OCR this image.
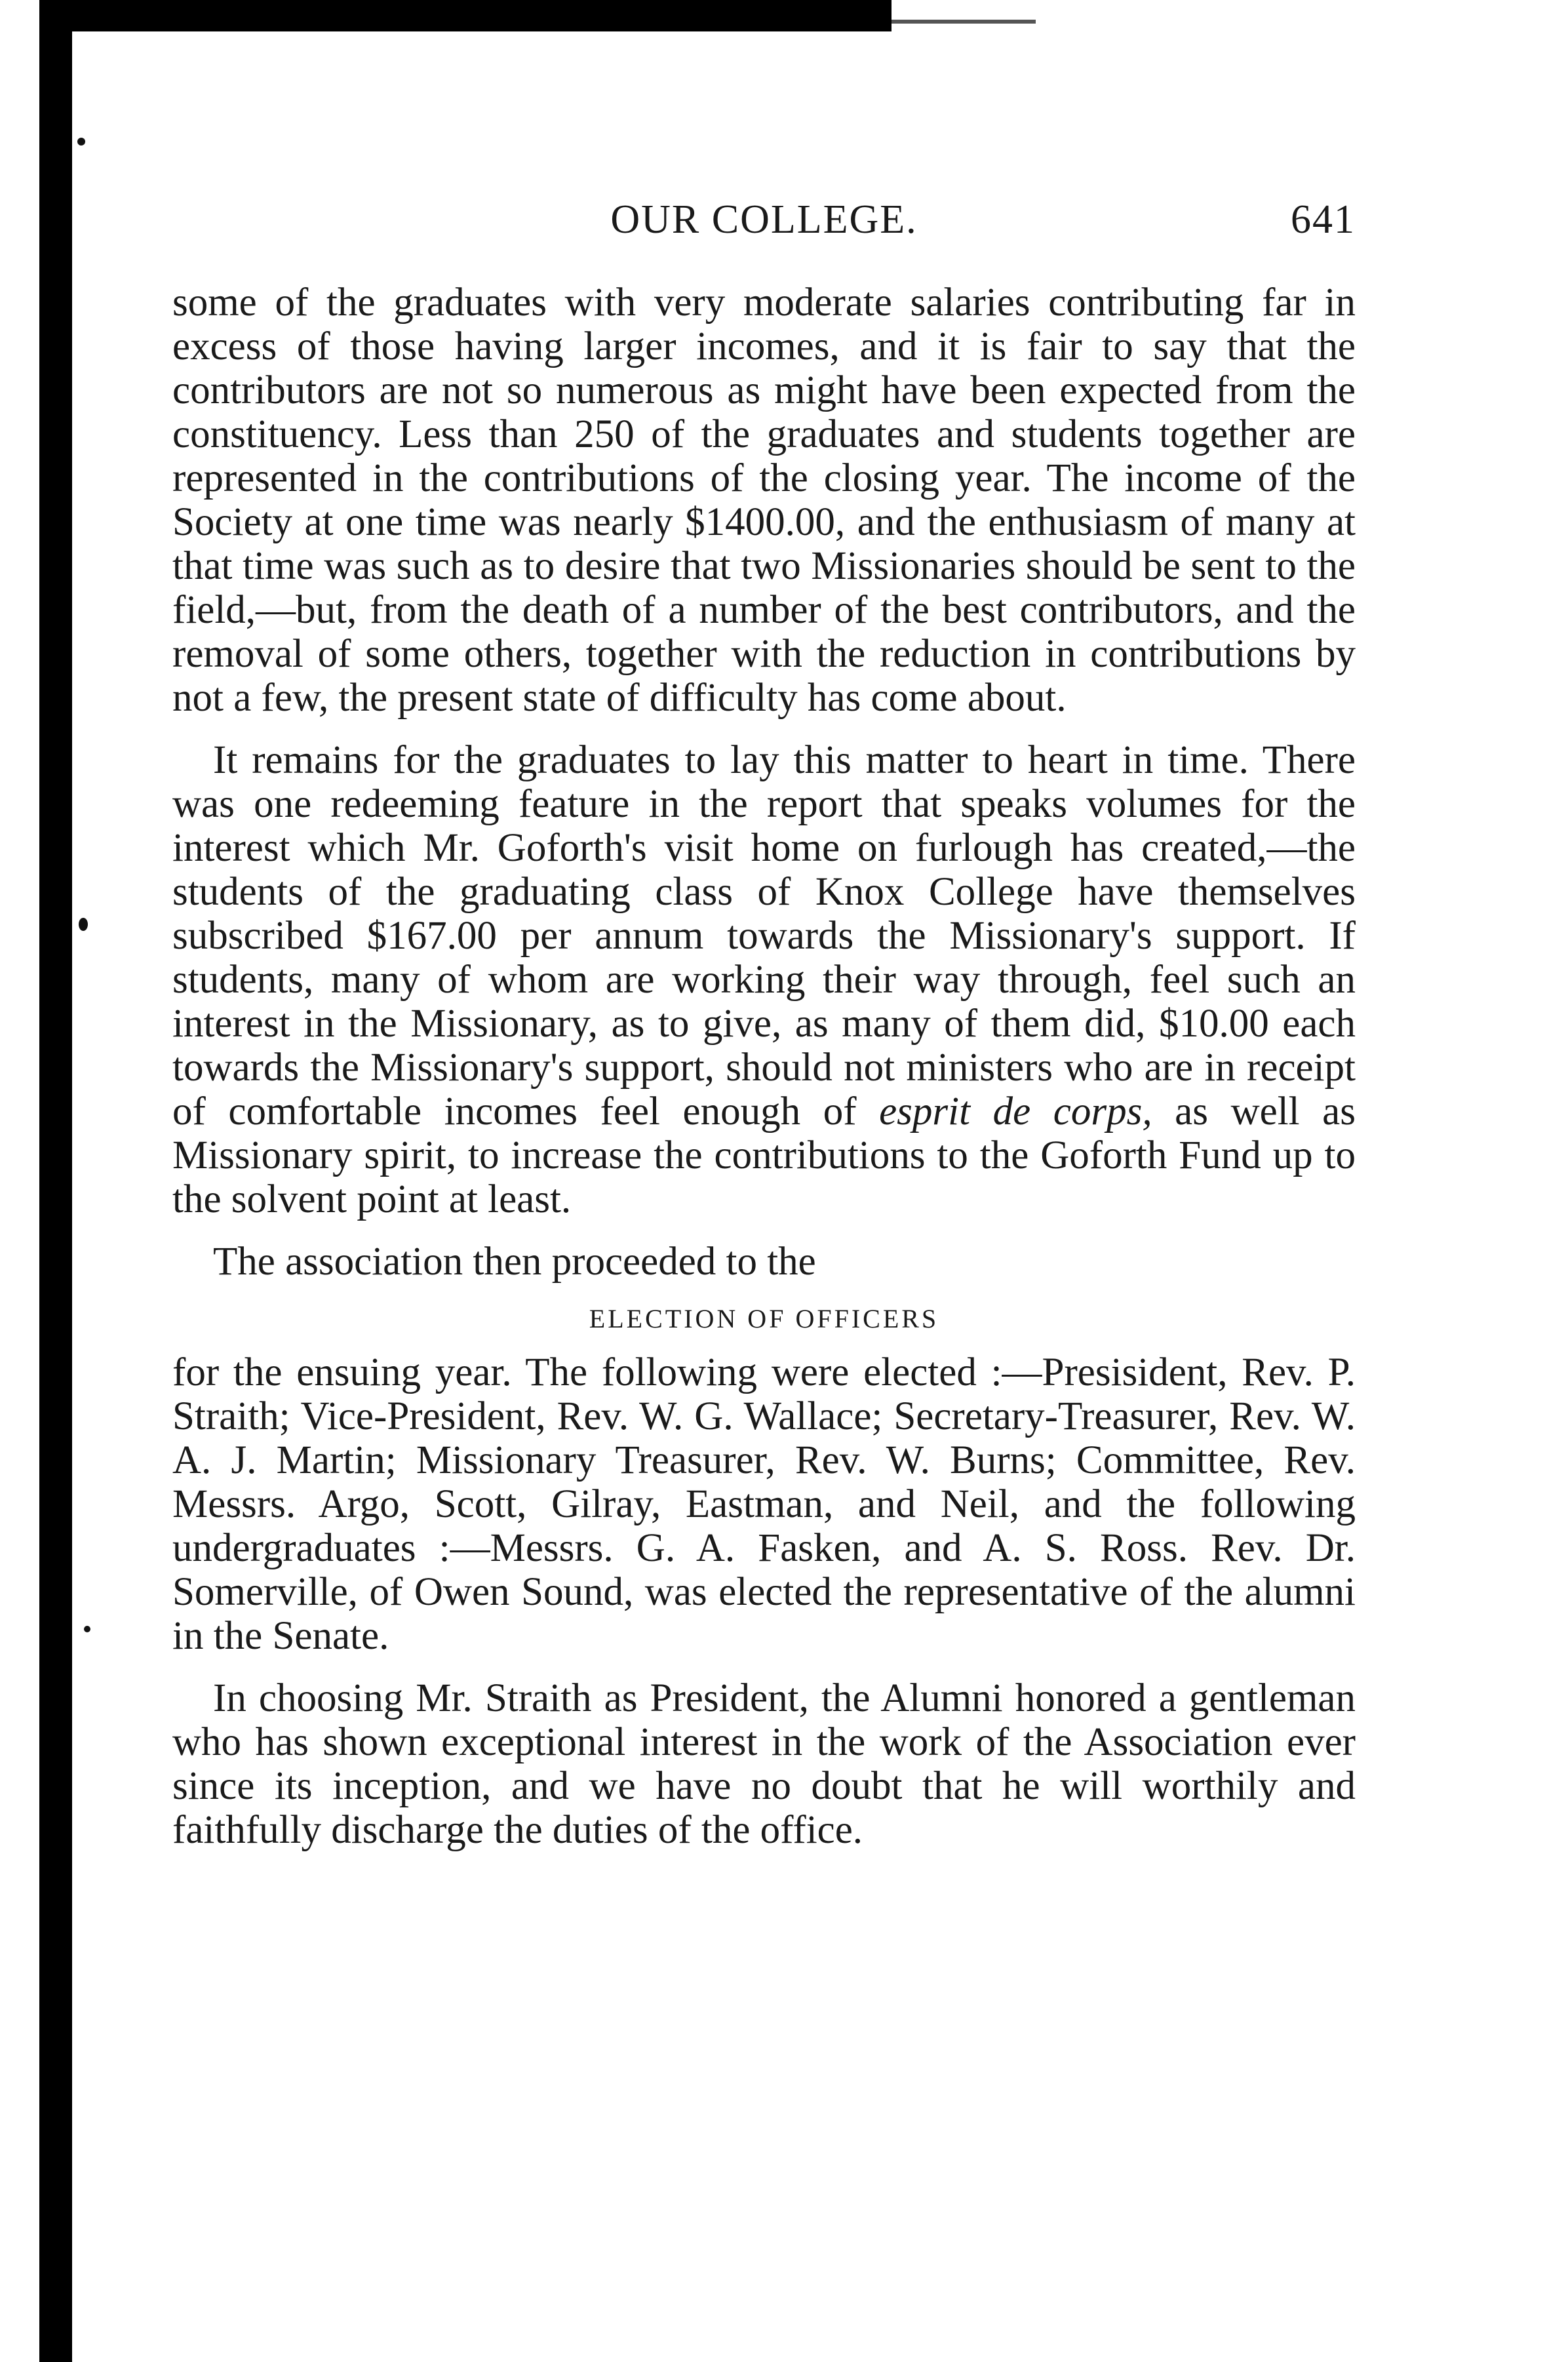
OUR COLLEGE.	641

some of the graduates with very moderate salaries contributing far in excess of those having larger incomes, and it is fair to say that the contributors are not so numerous as might have been expected from the constituency. Less than 250 of the graduates and students together are represented in the contributions of the closing year. The income of the Society at one time was nearly $1400.00, and the enthusiasm of many at that time was such as to desire that two Missionaries should be sent to the field,—but, from the death of a number of the best contributors, and the removal of some others, together with the reduction in contributions by not a few, the present state of difficulty has come about.

It remains for the graduates to lay this matter to heart in time. There was one redeeming feature in the report that speaks volumes for the interest which Mr. Goforth's visit home on furlough has created,—the students of the graduating class of Knox College have themselves subscribed $167.00 per annum towards the Missionary's support. If students, many of whom are working their way through, feel such an interest in the Missionary, as to give, as many of them did, $10.00 each towards the Missionary's support, should not ministers who are in receipt of comfortable incomes feel enough of esprit de corps, as well as Missionary spirit, to increase the contributions to the Goforth Fund up to the solvent point at least.

The association then proceeded to the

ELECTION OF OFFICERS

for the ensuing year. The following were elected :—Presisident, Rev. P. Straith; Vice-President, Rev. W. G. Wallace; Secretary-Treasurer, Rev. W. A. J. Martin; Missionary Treasurer, Rev. W. Burns; Committee, Rev. Messrs. Argo, Scott, Gilray, Eastman, and Neil, and the following undergraduates :—Messrs. G. A. Fasken, and A. S. Ross. Rev. Dr. Somerville, of Owen Sound, was elected the representative of the alumni in the Senate.

In choosing Mr. Straith as President, the Alumni honored a gentleman who has shown exceptional interest in the work of the Association ever since its inception, and we have no doubt that he will worthily and faithfully discharge the duties of the office.
